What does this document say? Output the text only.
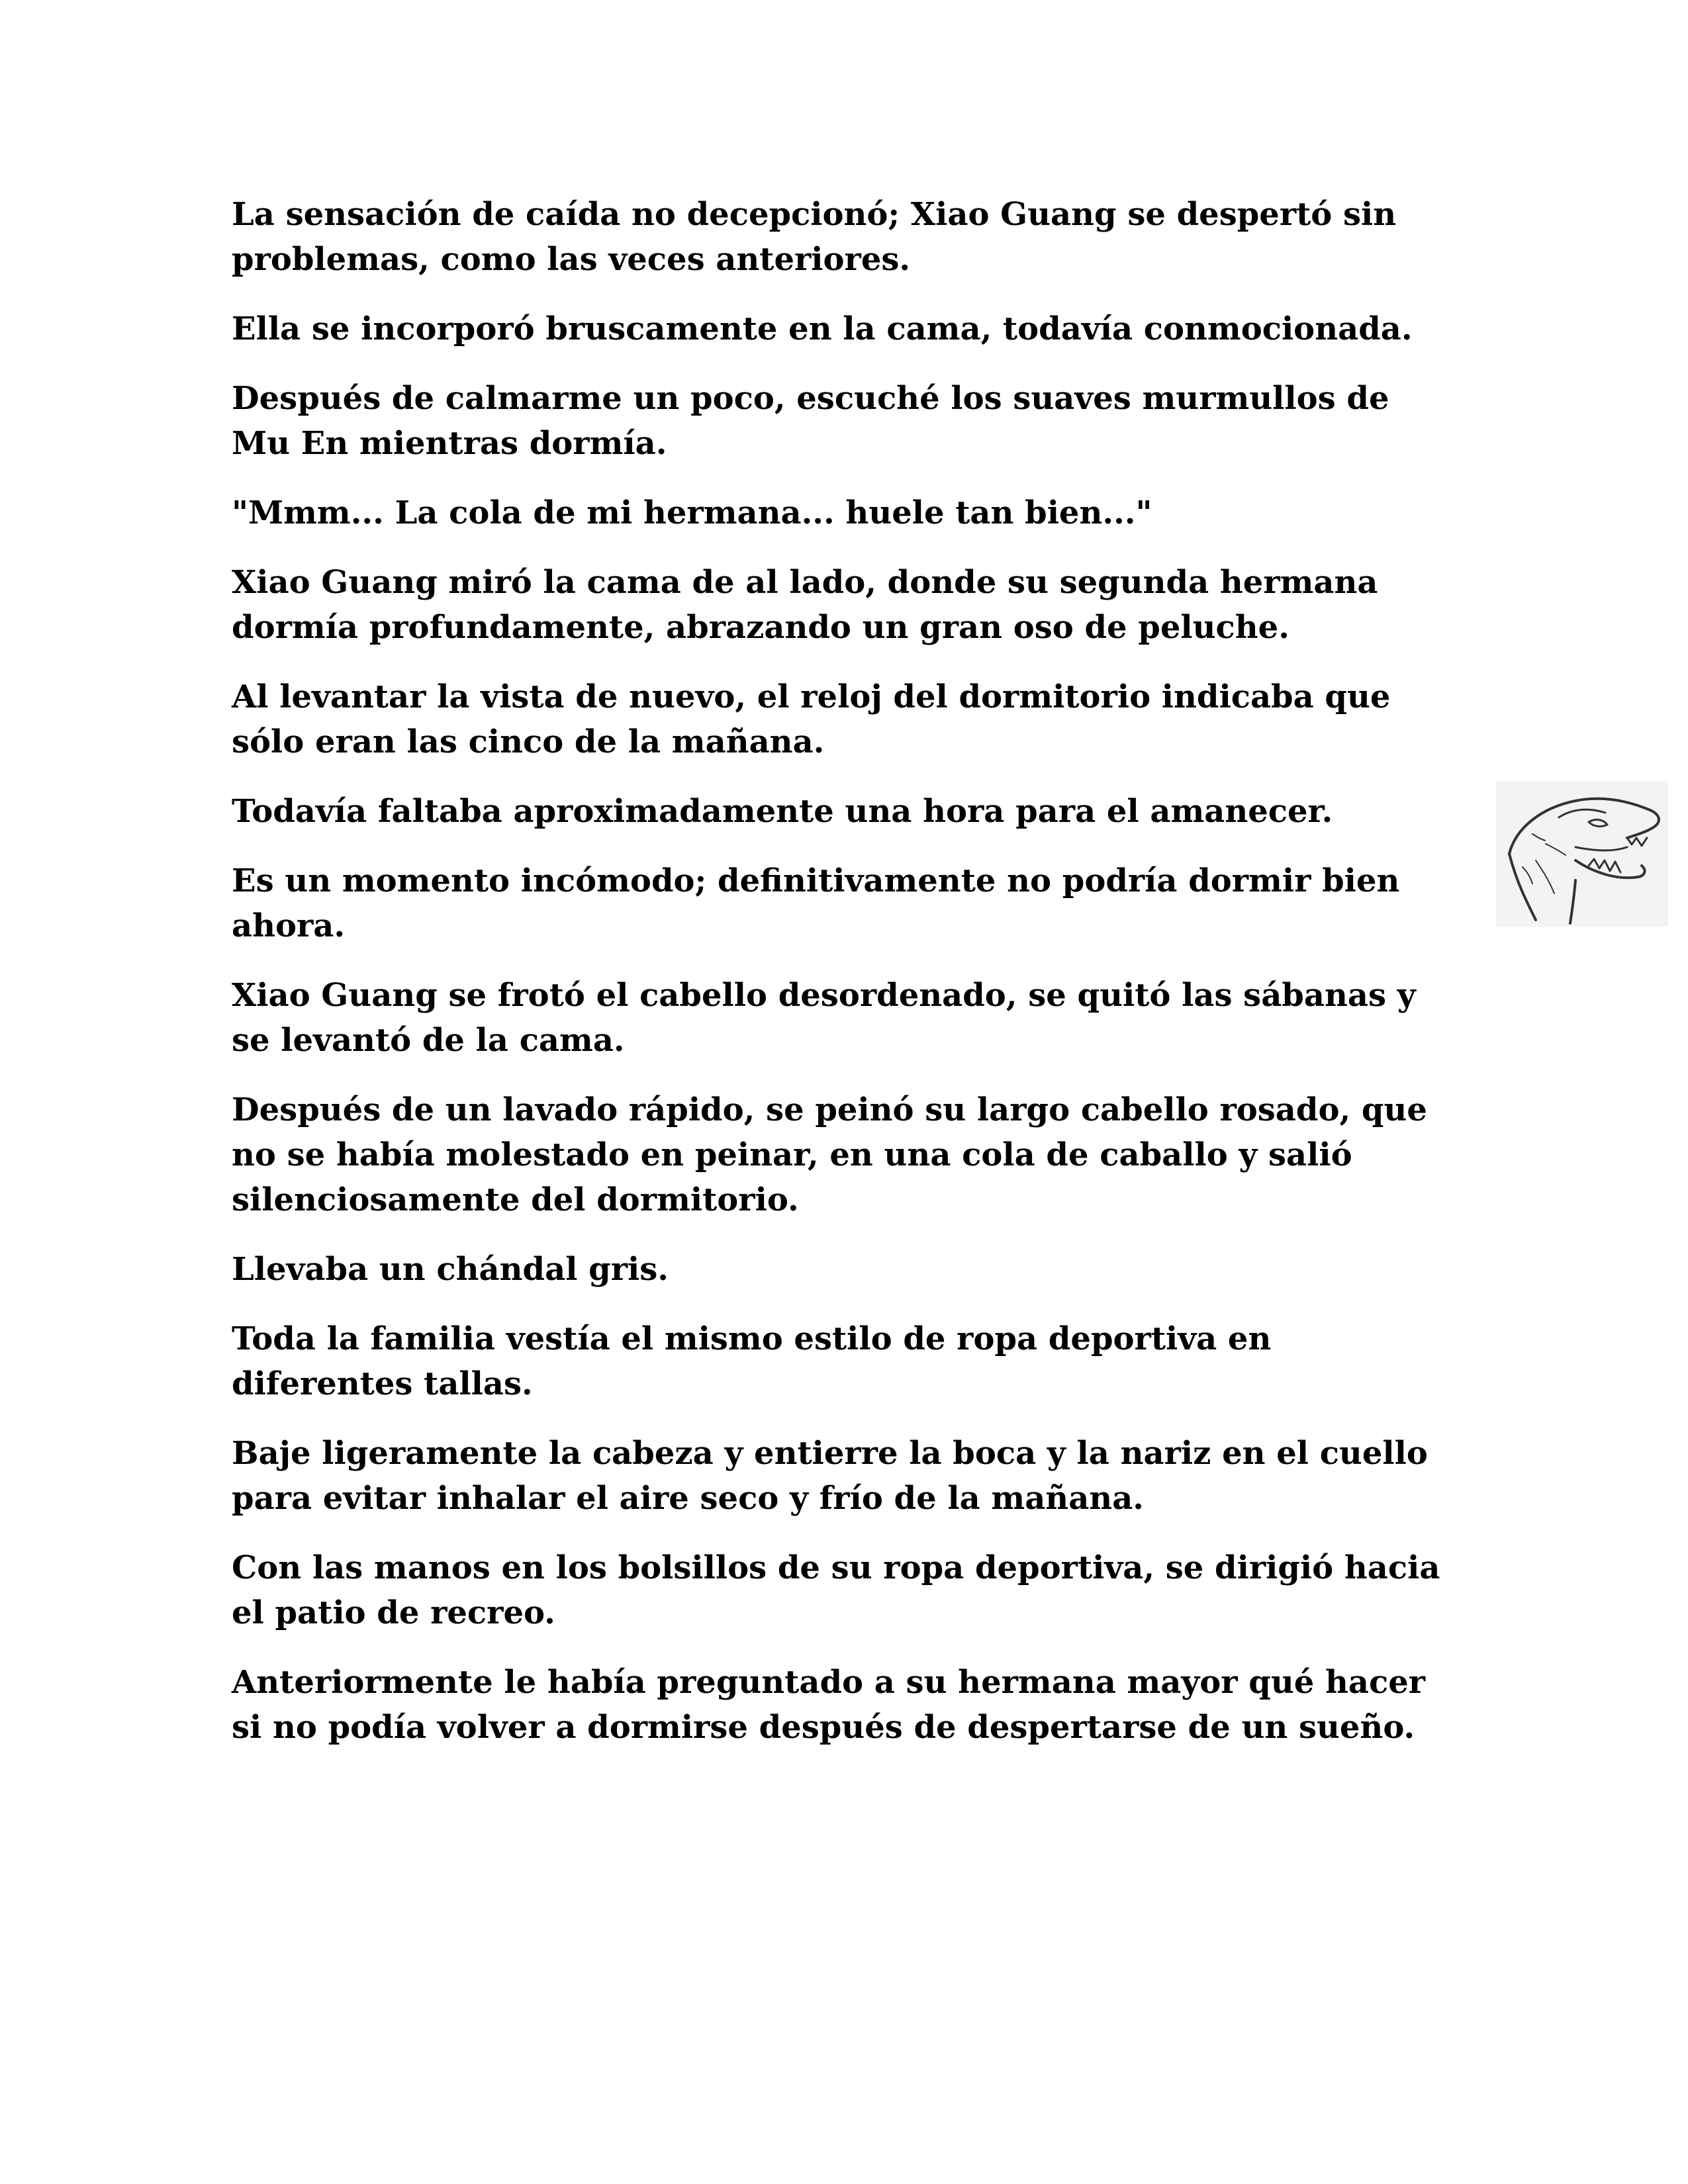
La sensación de caída no decepcionó; Xiao Guang se despertó sin problemas, como las veces anteriores.

Ella se incorporó bruscamente en la cama, todavía conmocionada.

Después de calmarme un poco, escuché los suaves murmullos de Mu En mientras dormía.

"Mmm... La cola de mi hermana... huele tan bien..."

Xiao Guang miró la cama de al lado, donde su segunda hermana dormía profundamente, abrazando un gran oso de peluche.

Al levantar la vista de nuevo, el reloj del dormitorio indicaba que sólo eran las cinco de la mañana.

Todavía faltaba aproximadamente una hora para el amanecer.

Es un momento incómodo; definitivamente no podría dormir bien ahora.

Xiao Guang se frotó el cabello desordenado, se quitó las sábanas y se levantó de la cama.

Después de un lavado rápido, se peinó su largo cabello rosado, que no se había molestado en peinar, en una cola de caballo y salió silenciosamente del dormitorio.

Llevaba un chándal gris.

Toda la familia vestía el mismo estilo de ropa deportiva en diferentes tallas.

Baje ligeramente la cabeza y entierre la boca y la nariz en el cuello para evitar inhalar el aire seco y frío de la mañana.

Con las manos en los bolsillos de su ropa deportiva, se dirigió hacia el patio de recreo.

Anteriormente le había preguntado a su hermana mayor qué hacer si no podía volver a dormirse después de despertarse de un sueño.
